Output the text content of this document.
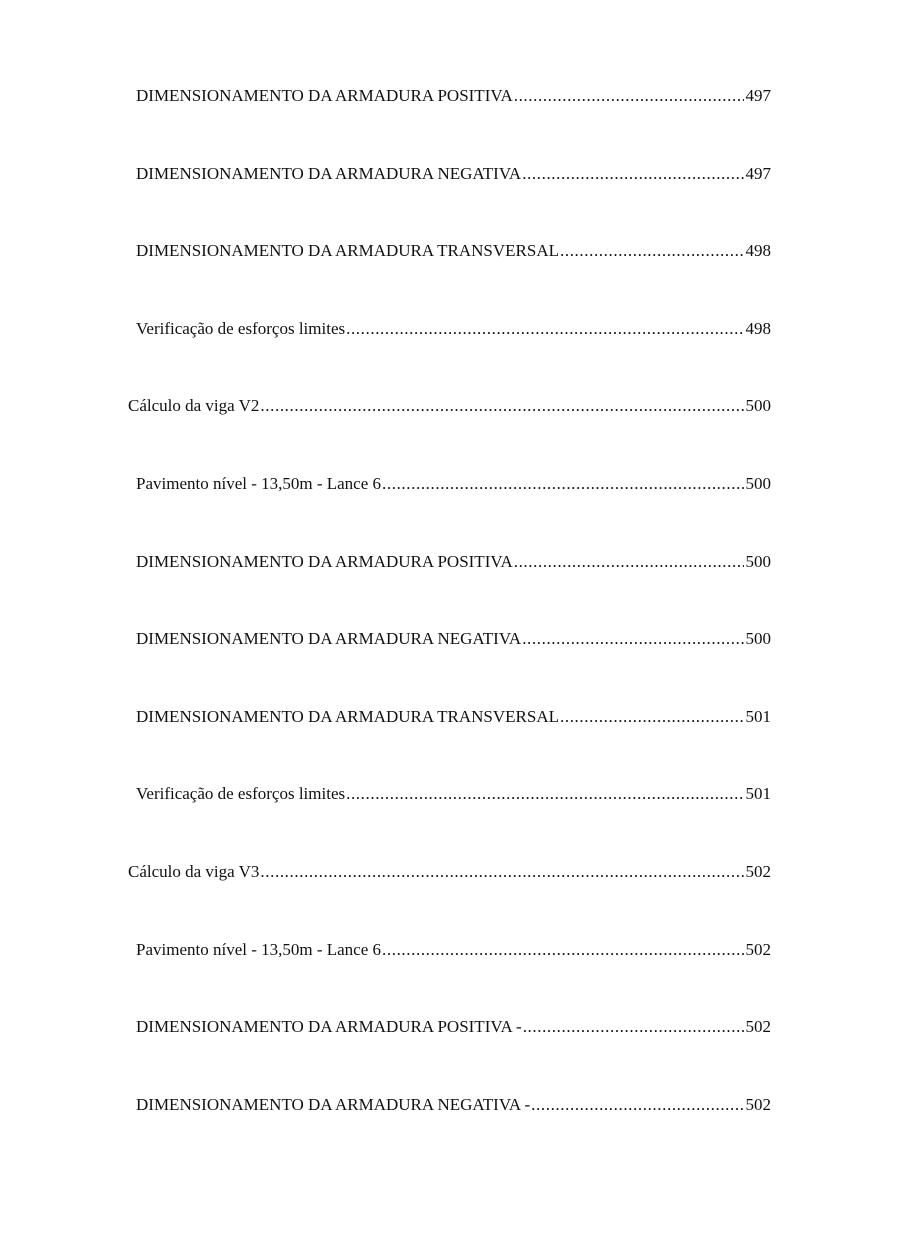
DIMENSIONAMENTO DA ARMADURA POSITIVA .....	497
DIMENSIONAMENTO DA ARMADURA NEGATIVA .....	497
DIMENSIONAMENTO DA ARMADURA TRANSVERSAL .....	498
Verificação de esforços limites .....	498
Cálculo da viga V2 .....	500
Pavimento nível - 13,50m - Lance 6 .....	500
DIMENSIONAMENTO DA ARMADURA POSITIVA .....	500
DIMENSIONAMENTO DA ARMADURA NEGATIVA .....	500
DIMENSIONAMENTO DA ARMADURA TRANSVERSAL .....	501
Verificação de esforços limites .....	501
Cálculo da viga V3 .....	502
Pavimento nível - 13,50m - Lance 6 .....	502
DIMENSIONAMENTO DA ARMADURA POSITIVA - .....	502
DIMENSIONAMENTO DA ARMADURA NEGATIVA - .....	502
